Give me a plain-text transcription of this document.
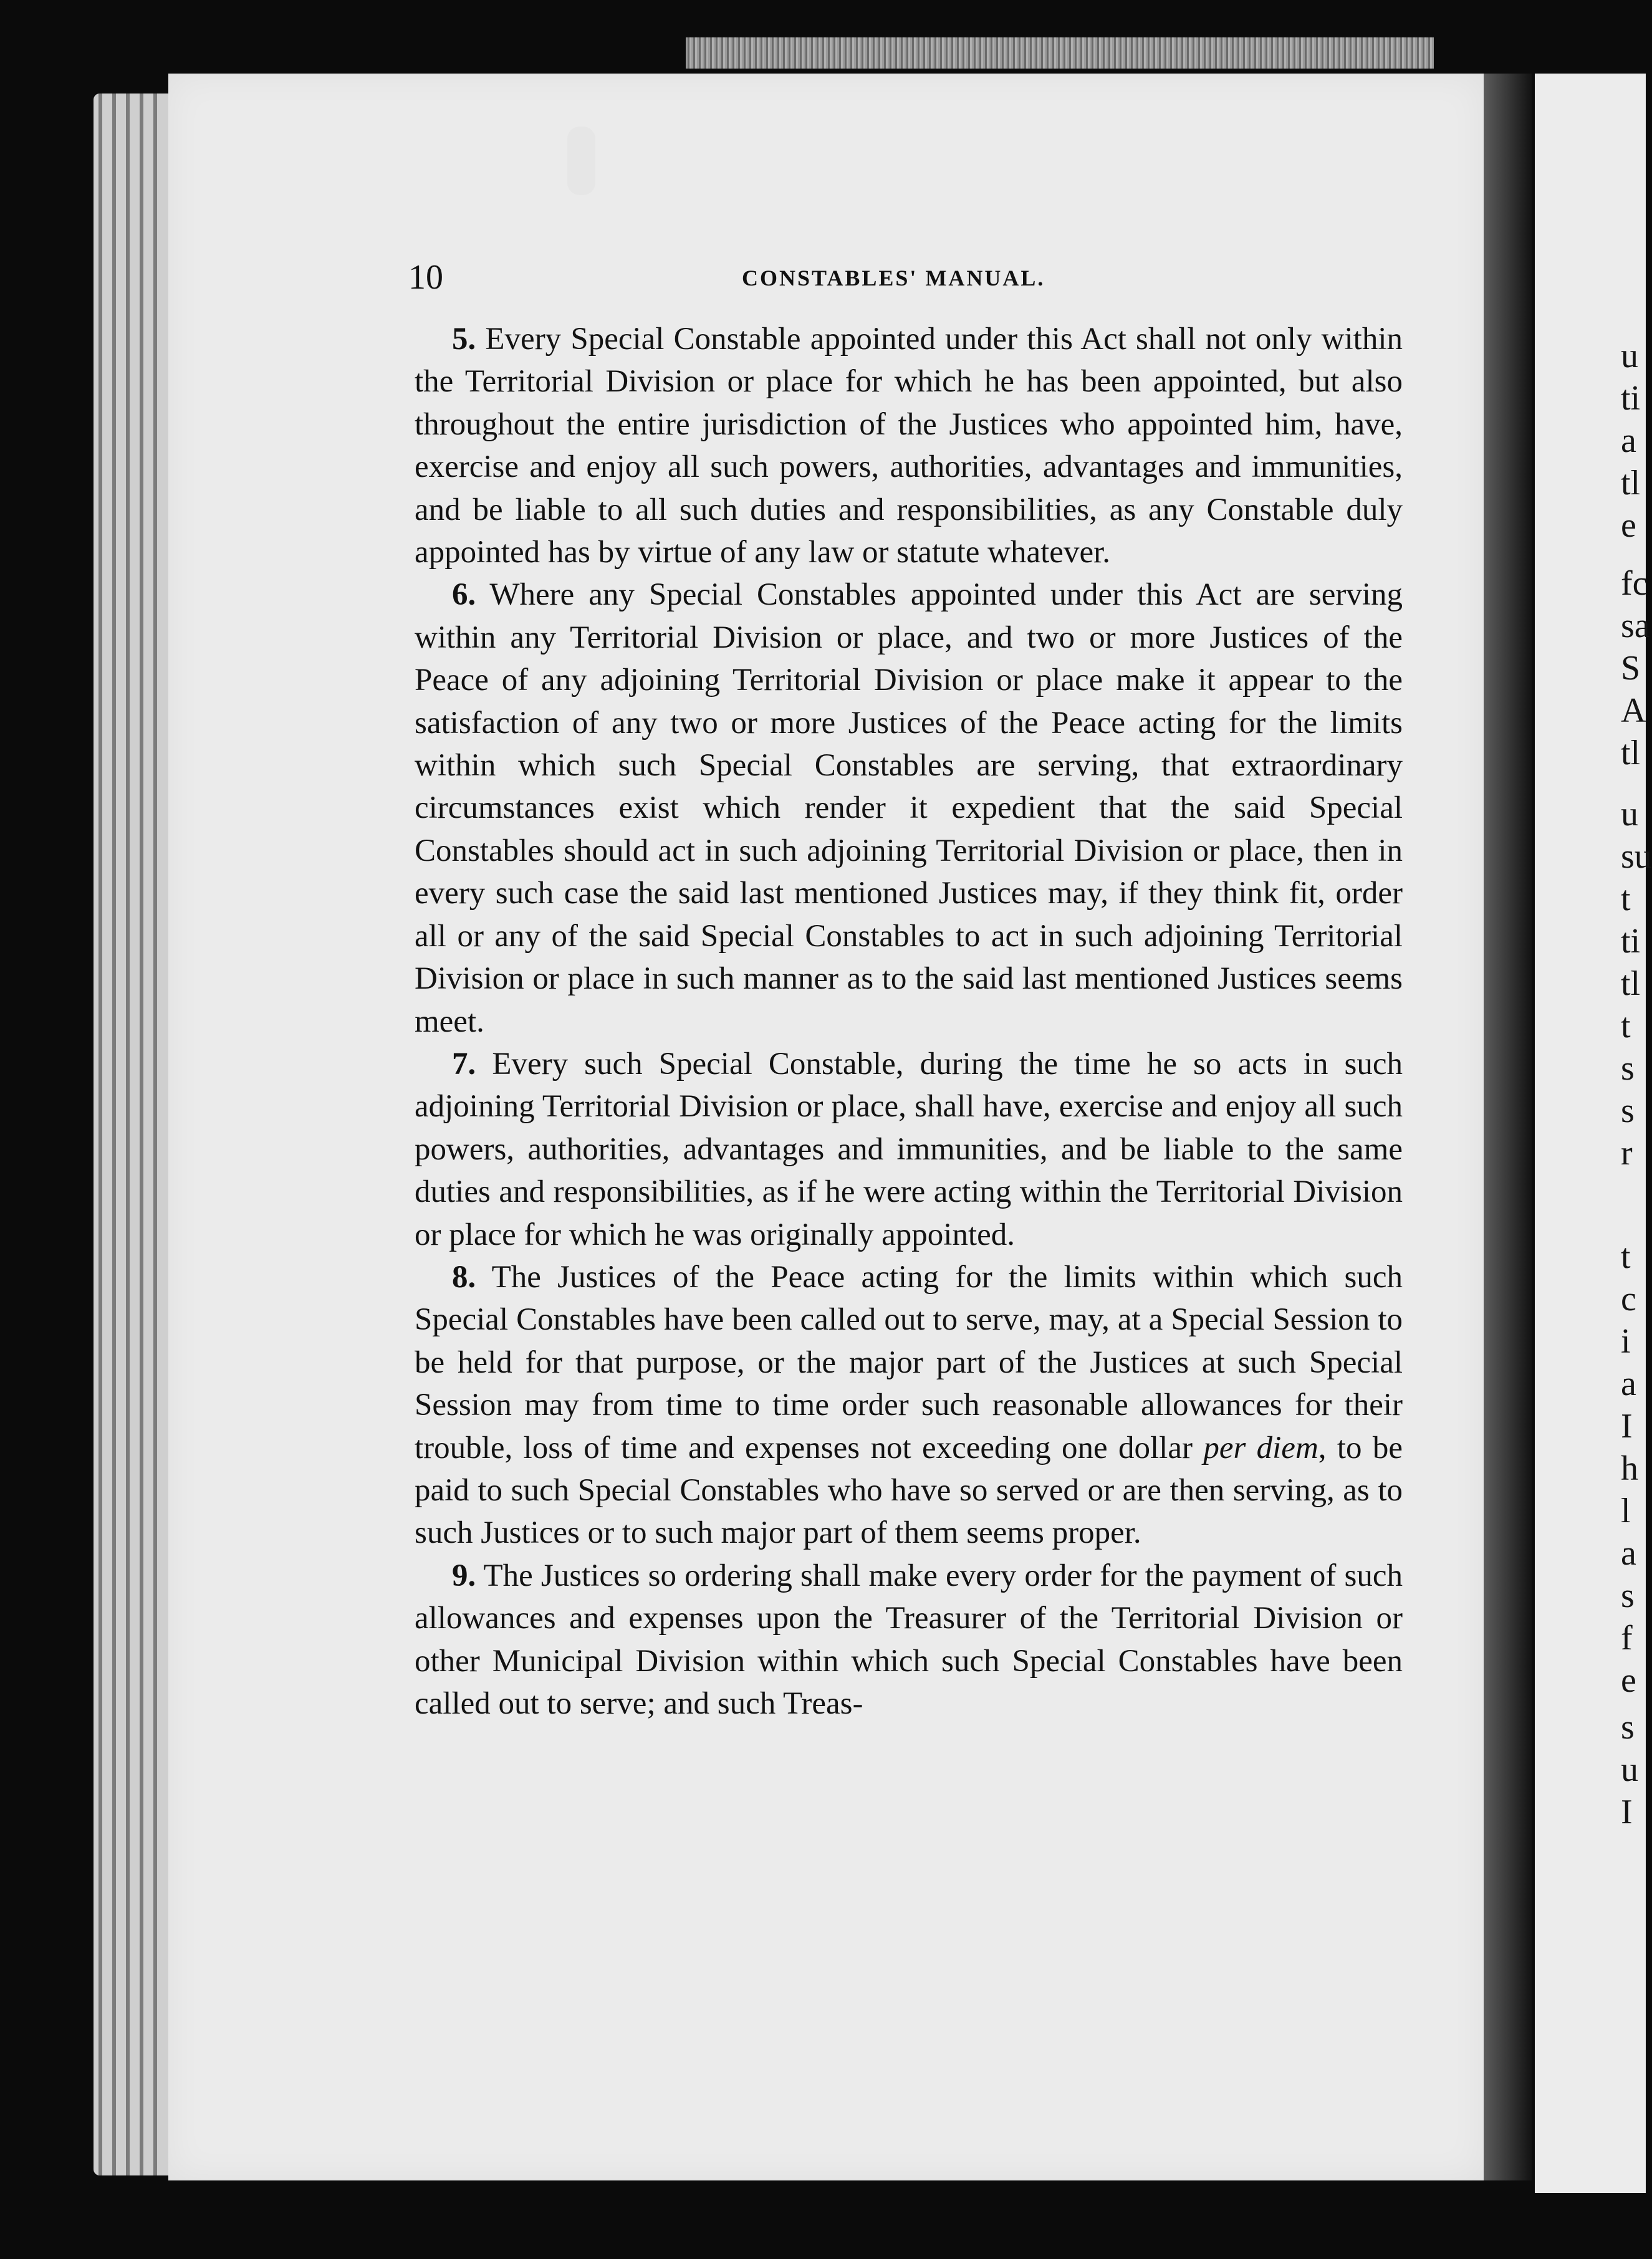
u
ti
a
tl
e
fc
sa
S
A
tl
u
su
t
ti
tl
t
s
s
r
t
c
i
a
I
h
l
a
s
f
e
s
u
I
10	CONSTABLES' MANUAL.

5. Every Special Constable appointed under this Act shall not only within the Territorial Division or place for which he has been appointed, but also throughout the entire jurisdiction of the Justices who appointed him, have, exercise and enjoy all such powers, authorities, advantages and immunities, and be liable to all such duties and responsibilities, as any Constable duly appointed has by virtue of any law or statute whatever.

6. Where any Special Constables appointed under this Act are serving within any Territorial Division or place, and two or more Justices of the Peace of any adjoining Territorial Division or place make it appear to the satisfaction of any two or more Justices of the Peace acting for the limits within which such Special Constables are serving, that extraordinary circumstances exist which render it expedient that the said Special Constables should act in such adjoining Territorial Division or place, then in every such case the said last mentioned Justices may, if they think fit, order all or any of the said Special Constables to act in such adjoining Territorial Division or place in such manner as to the said last mentioned Justices seems meet.

7. Every such Special Constable, during the time he so acts in such adjoining Territorial Division or place, shall have, exercise and enjoy all such powers, authorities, advantages and immunities, and be liable to the same duties and responsibilities, as if he were acting within the Territorial Division or place for which he was originally appointed.

8. The Justices of the Peace acting for the limits within which such Special Constables have been called out to serve, may, at a Special Session to be held for that purpose, or the major part of the Justices at such Special Session may from time to time order such reasonable allowances for their trouble, loss of time and expenses not exceeding one dollar per diem, to be paid to such Special Constables who have so served or are then serving, as to such Justices or to such major part of them seems proper.

9. The Justices so ordering shall make every order for the payment of such allowances and expenses upon the Treasurer of the Territorial Division or other Municipal Division within which such Special Constables have been called out to serve; and such Treas-
